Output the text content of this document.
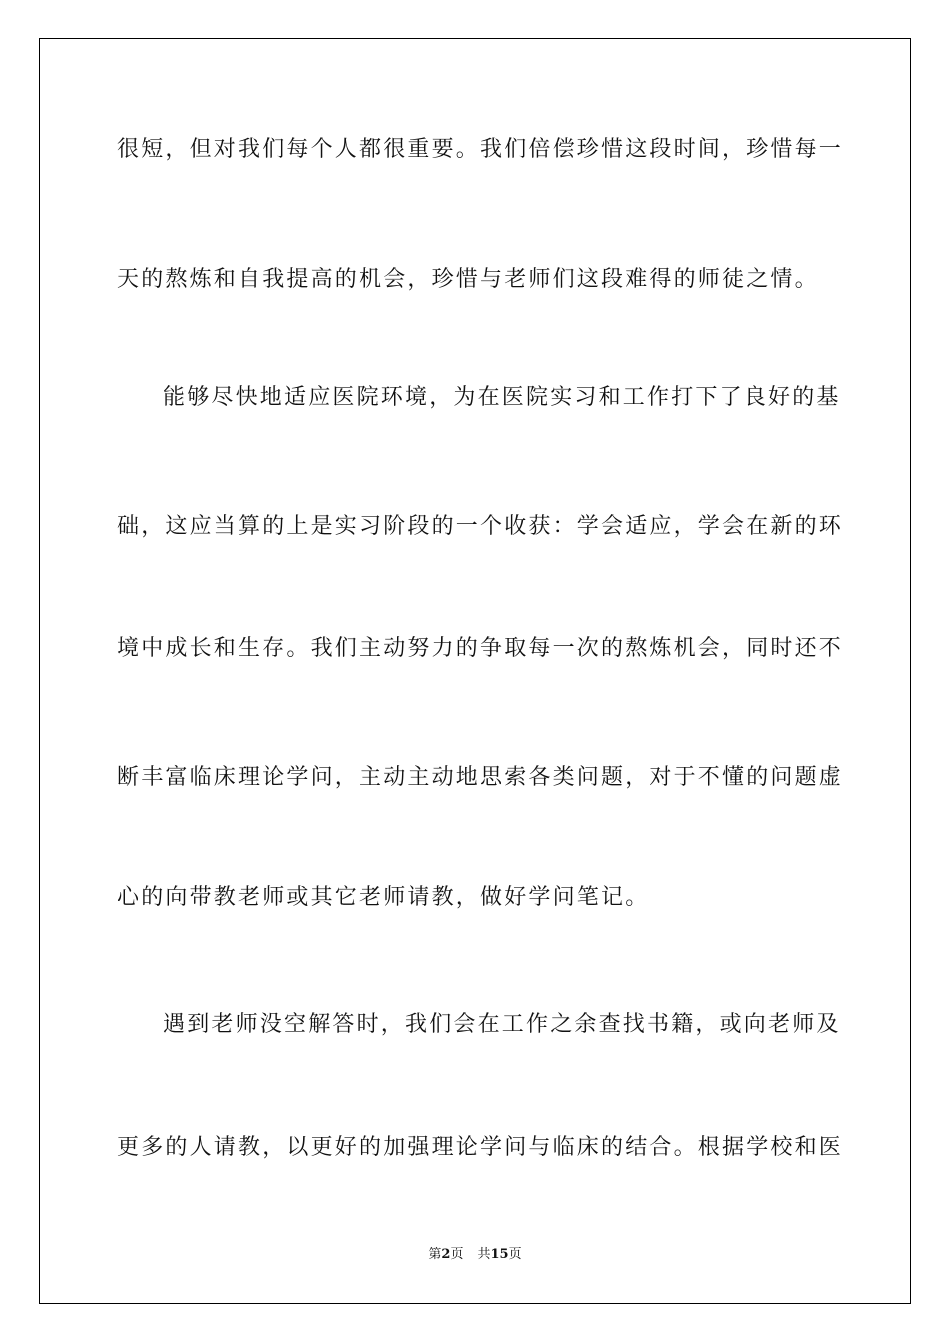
很短，但对我们每个人都很重要。我们倍偿珍惜这段时间，珍惜每一
天的熬炼和自我提高的机会，珍惜与老师们这段难得的师徒之情。
能够尽快地适应医院环境，为在医院实习和工作打下了良好的基
础，这应当算的上是实习阶段的一个收获：学会适应，学会在新的环
境中成长和生存。我们主动努力的争取每一次的熬炼机会，同时还不
断丰富临床理论学问，主动主动地思索各类问题，对于不懂的问题虚
心的向带教老师或其它老师请教，做好学问笔记。
遇到老师没空解答时，我们会在工作之余查找书籍，或向老师及
更多的人请教，以更好的加强理论学问与临床的结合。根据学校和医
第2页 共15页
